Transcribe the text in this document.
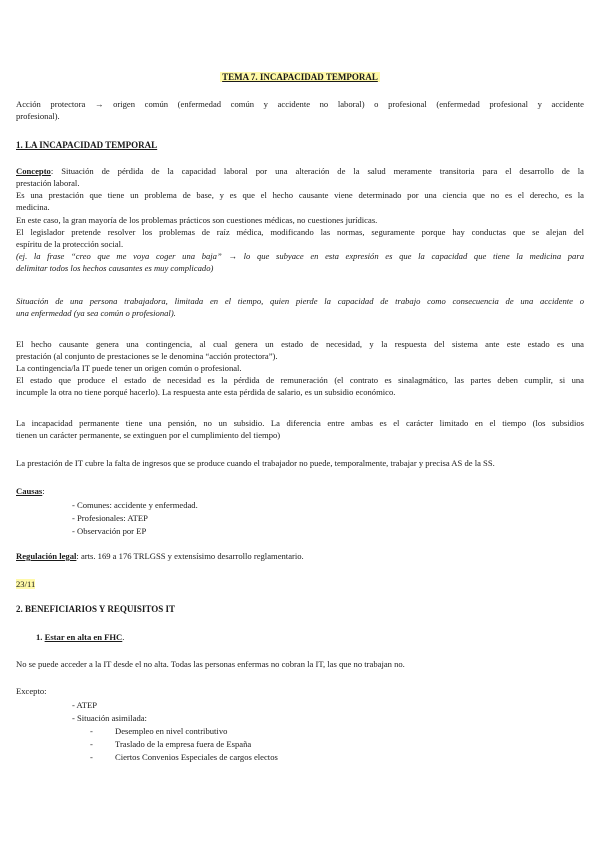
TEMA 7. INCAPACIDAD TEMPORAL
Acción protectora → origen común (enfermedad común y accidente no laboral) o profesional (enfermedad profesional y accidente
profesional).
1. LA INCAPACIDAD TEMPORAL
Concepto: Situación de pérdida de la capacidad laboral por una alteración de la salud meramente transitoria para el desarrollo de la
prestación laboral.
Es una prestación que tiene un problema de base, y es que el hecho causante viene determinado por una ciencia que no es el derecho, es la
medicina.
En este caso, la gran mayoría de los problemas prácticos son cuestiones médicas, no cuestiones jurídicas.
El legislador pretende resolver los problemas de raíz médica, modificando las normas, seguramente porque hay conductas que se alejan del
espíritu de la protección social.
(ej. la frase “creo que me voya coger una baja” → lo que subyace en esta expresión es que la capacidad que tiene la medicina para
delimitar todos los hechos causantes es muy complicado)
Situación de una persona trabajadora, limitada en el tiempo, quien pierde la capacidad de trabajo como consecuencia de una accidente o
una enfermedad (ya sea común o profesional).
El hecho causante genera una contingencia, al cual genera un estado de necesidad, y la respuesta del sistema ante este estado es una
prestación (al conjunto de prestaciones se le denomina “acción protectora”).
La contingencia/la IT puede tener un origen común o profesional.
El estado que produce el estado de necesidad es la pérdida de remuneración (el contrato es sinalagmático, las partes deben cumplir, si una
incumple la otra no tiene porqué hacerlo). La respuesta ante esta pérdida de salario, es un subsidio económico.
La incapacidad permanente tiene una pensión, no un subsidio. La diferencia entre ambas es el carácter limitado en el tiempo (los subsidios
tienen un carácter permanente, se extinguen por el cumplimiento del tiempo)
La prestación de IT cubre la falta de ingresos que se produce cuando el trabajador no puede, temporalmente, trabajar y precisa AS de la SS.
Causas:
- Comunes: accidente y enfermedad.
- Profesionales: ATEP
- Observación por EP
Regulación legal: arts. 169 a 176 TRLGSS y extensísimo desarrollo reglamentario.
23/11
2. BENEFICIARIOS Y REQUISITOS IT
1. Estar en alta en FHC.
No se puede acceder a la IT desde el no alta. Todas las personas enfermas no cobran la IT, las que no trabajan no.
Excepto:
- ATEP
- Situación asimilada:
-	Desempleo en nivel contributivo
-	Traslado de la empresa fuera de España
-	Ciertos Convenios Especiales de cargos electos
